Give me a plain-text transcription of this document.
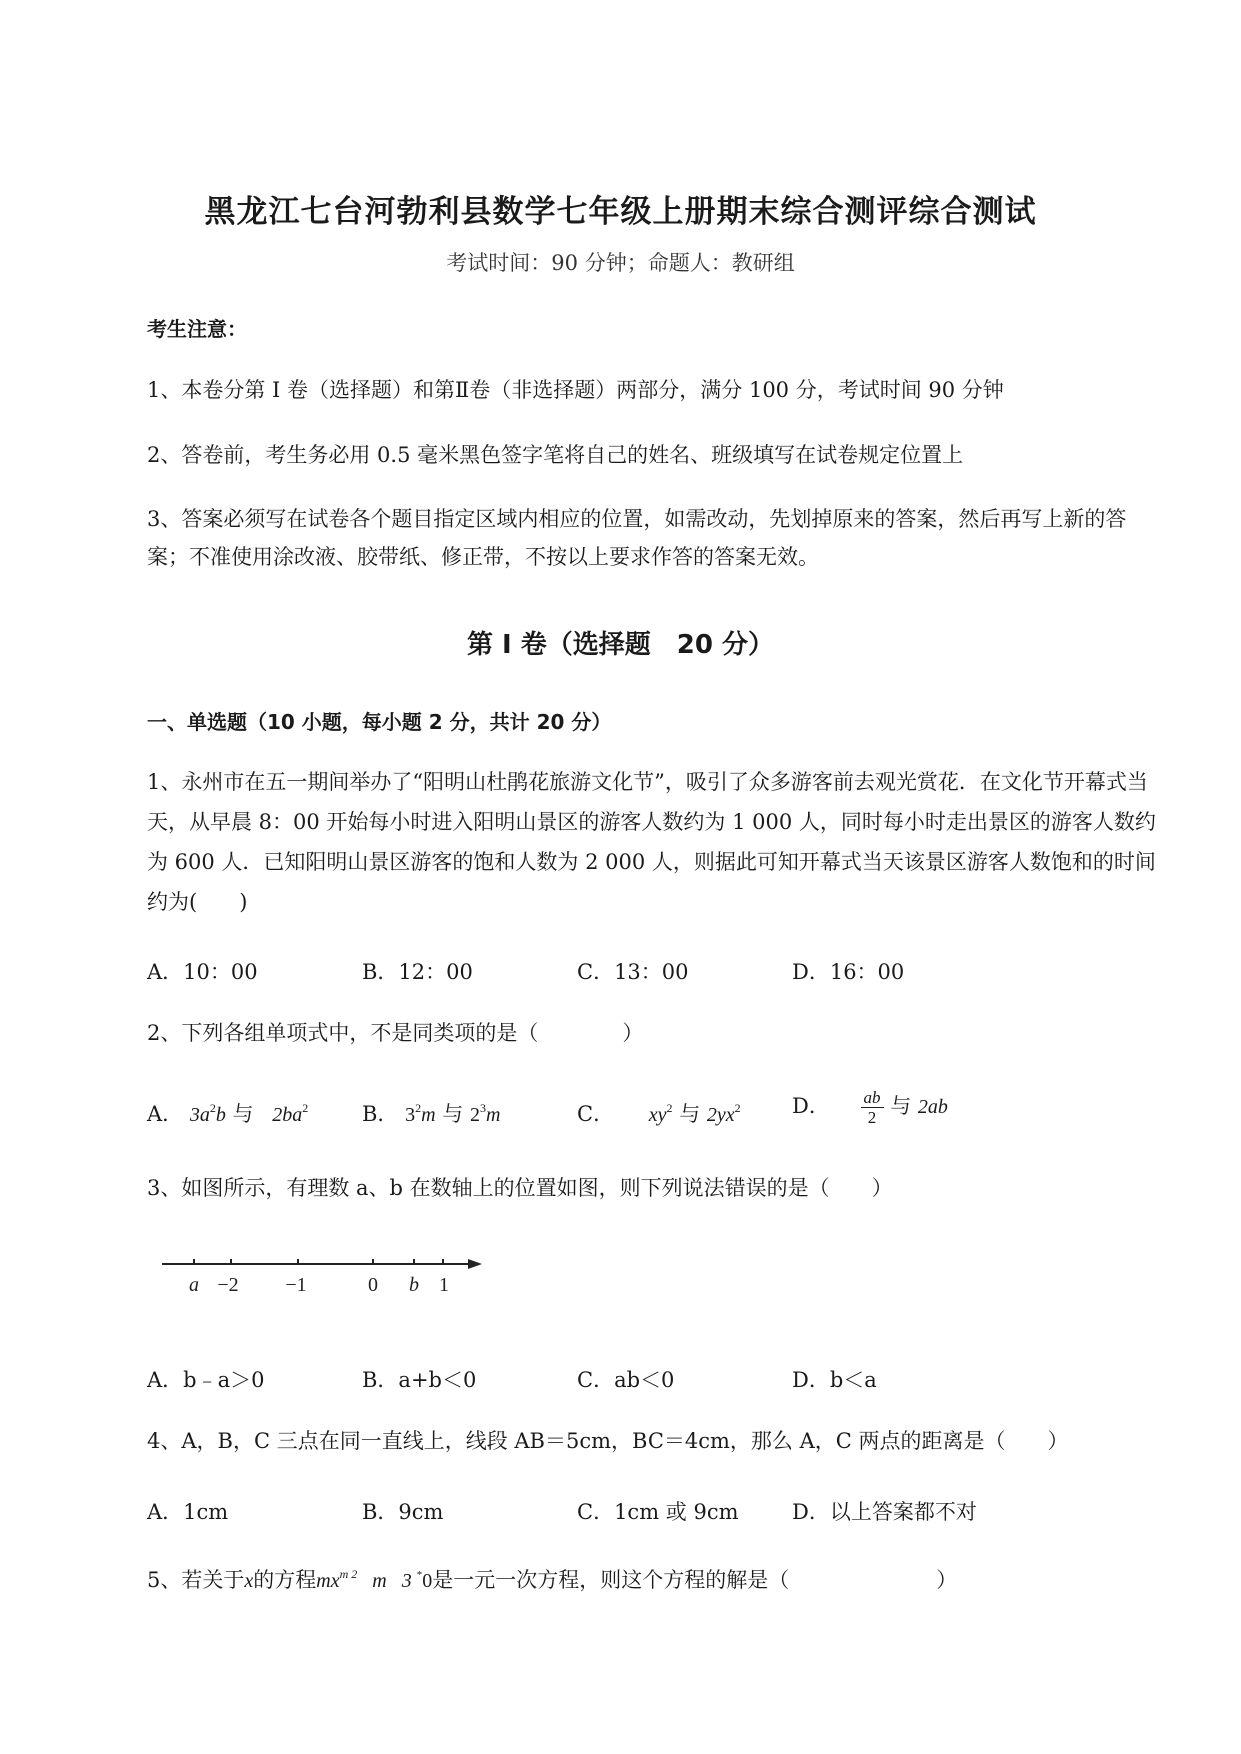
黑龙江七台河勃利县数学七年级上册期末综合测评综合测试
考试时间：90 分钟；命题人：教研组
考生注意：
1、本卷分第 I 卷（选择题）和第Ⅱ卷（非选择题）两部分，满分 100 分，考试时间 90 分钟
2、答卷前，考生务必用 0.5 毫米黑色签字笔将自己的姓名、班级填写在试卷规定位置上
3、答案必须写在试卷各个题目指定区域内相应的位置，如需改动，先划掉原来的答案，然后再写上新的答案；不准使用涂改液、胶带纸、修正带，不按以上要求作答的答案无效。
第 I 卷（选择题　20 分）
一、单选题（10 小题，每小题 2 分，共计 20 分）
1、永州市在五一期间举办了“阳明山杜鹃花旅游文化节”，吸引了众多游客前去观光赏花．在文化节开幕式当天，从早晨 8：00 开始每小时进入阳明山景区的游客人数约为 1 000 人，同时每小时走出景区的游客人数约为 600 人．已知阳明山景区游客的饱和人数为 2 000 人，则据此可知开幕式当天该景区游客人数饱和的时间约为(　　)
A．10：00	B．12：00	C．13：00	D．16：00
2、下列各组单项式中，不是同类项的是（　　　　）
A． $3a^2b$ 与 $2ba^2$	B． $3^2m$ 与 $2^3m$	C． $xy^2$ 与 $2yx^2$ D． $\frac{ab}{2}$ 与 2ab
3、如图所示，有理数 a、b 在数轴上的位置如图，则下列说法错误的是（　　）
a −2 −1	0 b 1
A．b﹣a＞0	B．a+b＜0	C．ab＜0	D．b＜a
4、A，B，C 三点在同一直线上，线段 AB＝5cm，BC＝4cm，那么 A，C 两点的距离是（　　）
A．1cm	B．9cm	C．1cm 或 9cm	D．以上答案都不对
5、若关于x的方程$mx^{m 2}$   m   3 *0是一元一次方程，则这个方程的解是（　　　　　　　）
